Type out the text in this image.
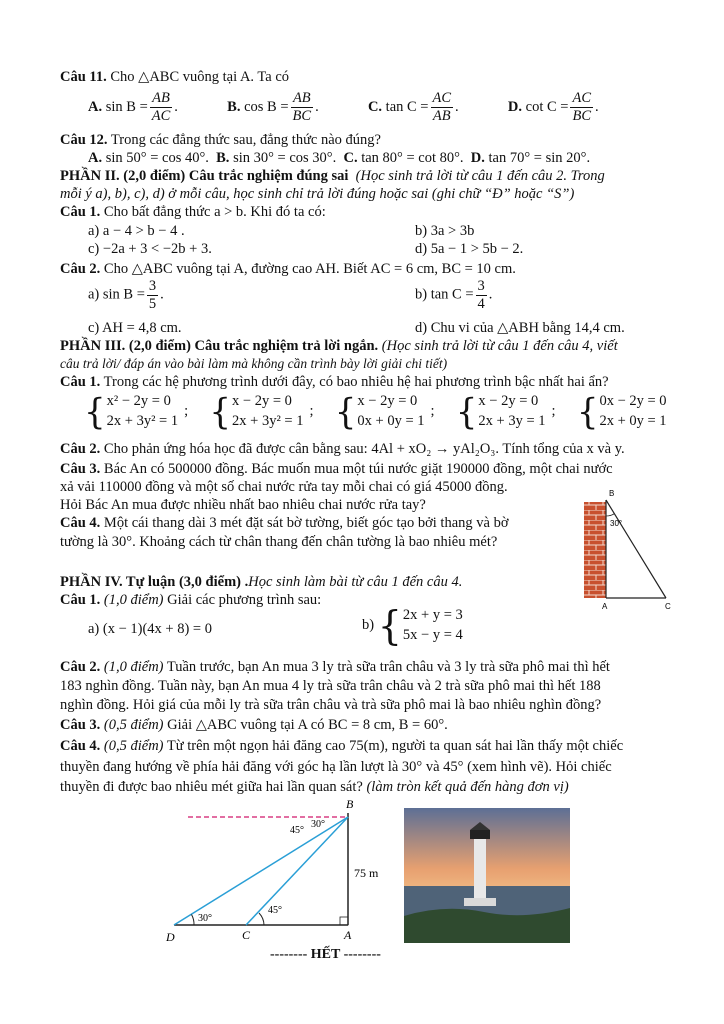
Câu 11. Cho △ABC vuông tại A. Ta có
A. $\sin B = \frac{AB}{AC}$ .	B. $\cos B = \frac{AB}{BC}$ .	C. $\tan C = \frac{AC}{AB}$ .	D. $\cot C = \frac{AC}{BC}$ .
Câu 12. Trong các đẳng thức sau, đẳng thức nào đúng?
A. sin 50° = cos 40°. B. sin 30° = cos 30°. C. tan 80° = cot 80°. D. tan 70° = sin 20°.
PHẦN II. (2,0 điểm) Câu trắc nghiệm đúng sai (Học sinh trả lời từ câu 1 đến câu 2. Trong
mỗi ý a), b), c), d) ở mỗi câu, học sinh chỉ trả lời đúng hoặc sai (ghi chữ “Đ” hoặc “S”)
Câu 1. Cho bất đẳng thức a > b. Khi đó ta có:
a) a − 4 > b − 4 .	b) 3a > 3b
c) −2a + 3 < −2b + 3.	d) 5a − 1 > 5b − 2.
Câu 2. Cho △ABC vuông tại A, đường cao AH. Biết AC = 6 cm, BC = 10 cm.
a) $\sin B = \frac{3}{5}$ .	b) $\tan C = \frac{3}{4}$ .
c) AH = 4,8 cm.	d) Chu vi của △ABH bằng 14,4 cm.
PHẦN III. (2,0 điểm) Câu trắc nghiệm trả lời ngắn. (Học sinh trả lời từ câu 1 đến câu 4, viết
câu trả lời/ đáp án vào bài làm mà không cần trình bày lời giải chi tiết)
Câu 1. Trong các hệ phương trình dưới đây, có bao nhiêu hệ hai phương trình bậc nhất hai ẩn?
{ x² − 2y = 0
2x + 3y² = 1
;
{ x − 2y = 0
2x + 3y² = 1
;
{ x − 2y = 0
0x + 0y = 1
;
{ x − 2y = 0
2x + 3y = 1
;
{ 0x − 2y = 0
2x + 0y = 1
Câu 2. Cho phản ứng hóa học đã được cân bằng sau: 4Al + xO₂ → yAl₂O₃. Tính tổng của x và y.
Câu 3. Bác An có 500000 đồng. Bác muốn mua một túi nước giặt 190000 đồng, một chai nước
xả vải 110000 đồng và một số chai nước rửa tay mỗi chai có giá 45000 đồng.
Hỏi Bác An mua được nhiều nhất bao nhiêu chai nước rửa tay?
Câu 4. Một cái thang dài 3 mét đặt sát bờ tường, biết góc tạo bởi thang và bờ
tường là 30°. Khoảng cách từ chân thang đến chân tường là bao nhiêu mét?
PHẦN IV. Tự luận (3,0 điểm) .Học sinh làm bài từ câu 1 đến câu 4.
Câu 1. (1,0 điểm) Giải các phương trình sau:
a) (x − 1)(4x + 8) = 0	b) { 2x + y = 3
5x − y = 4
Câu 2. (1,0 điểm) Tuần trước, bạn An mua 3 ly trà sữa trân châu và 3 ly trà sữa phô mai thì hết
183 nghìn đồng. Tuần này, bạn An mua 4 ly trà sữa trân châu và 2 trà sữa phô mai thì hết 188
nghìn đồng. Hỏi giá của mỗi ly trà sữa trân châu và trà sữa phô mai là bao nhiêu nghìn đồng?
Câu 3. (0,5 điểm) Giải △ABC vuông tại A có BC = 8 cm, B = 60°.
Câu 4. (0,5 điểm) Từ trên một ngọn hải đăng cao 75(m), người ta quan sát hai lần thấy một chiếc
thuyền đang hướng về phía hải đăng với góc hạ lần lượt là 30° và 45° (xem hình vẽ). Hỏi chiếc
thuyền đi được bao nhiêu mét giữa hai lần quan sát? (làm tròn kết quả đến hàng đơn vị)
B
30°
A	C
B
45°
30°
75 m
30°
45°
D	C	A
-------- HẾT --------
